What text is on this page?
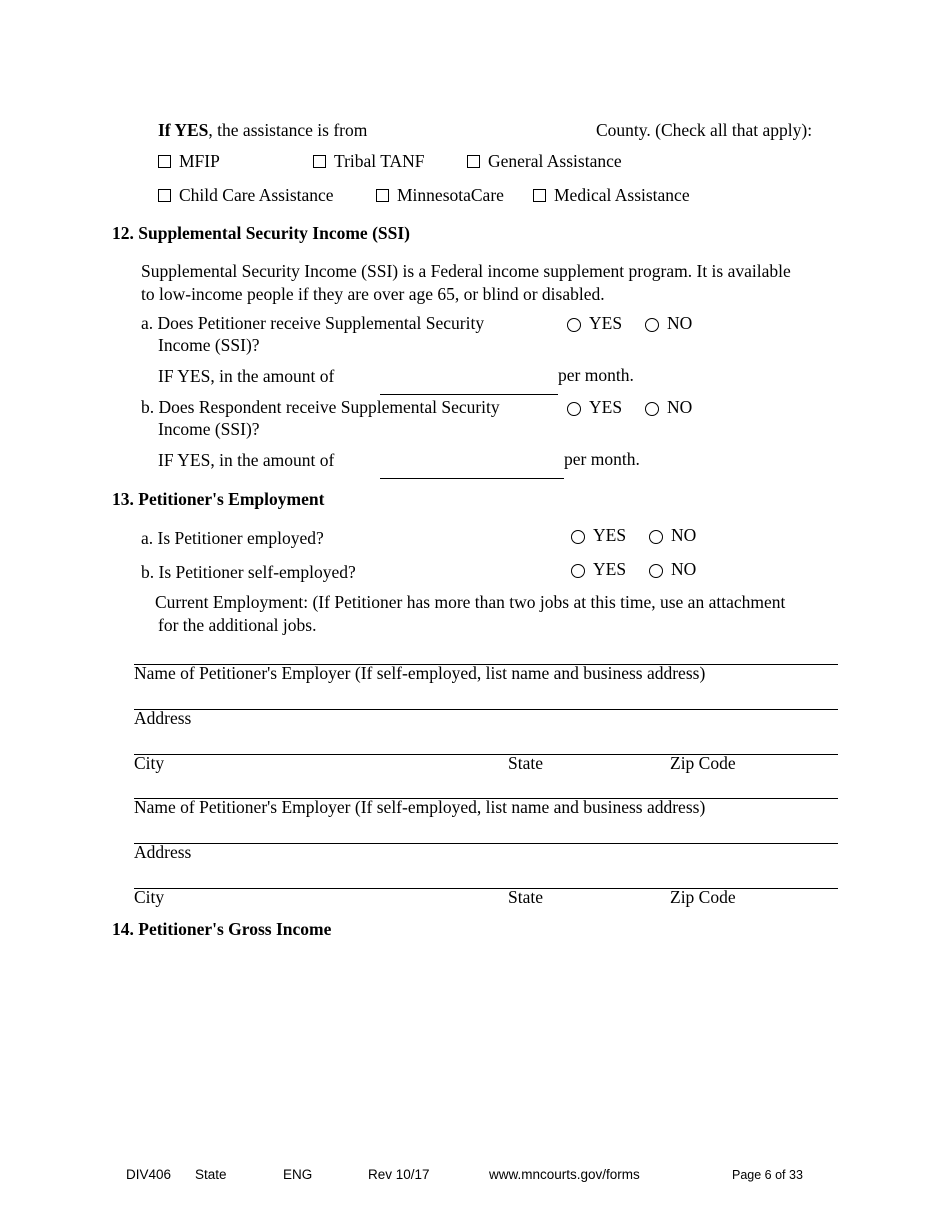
If YES, the assistance is from	County. (Check all that apply):
MFIP	Tribal TANF	General Assistance
Child Care Assistance	MinnesotaCare	Medical Assistance
12. Supplemental Security Income (SSI)
Supplemental Security Income (SSI) is a Federal income supplement program. It is available
to low-income people if they are over age 65, or blind or disabled.
a. Does Petitioner receive Supplemental Security
Income (SSI)?
YES	NO
IF YES, in the amount of	per month.
b. Does Respondent receive Supplemental Security
Income (SSI)?
YES	NO
IF YES, in the amount of	per month.
13. Petitioner's Employment
a. Is Petitioner employed?	YES	NO
b. Is Petitioner self-employed?	YES	NO
Current Employment: (If Petitioner has more than two jobs at this time, use an attachment
for the additional jobs.
Name of Petitioner's Employer (If self-employed, list name and business address)
Address
City	State	Zip Code
Name of Petitioner's Employer (If self-employed, list name and business address)
Address
City	State	Zip Code
14. Petitioner's Gross Income
DIV406 State	ENG	Rev 10/17	www.mncourts.gov/forms	Page 6 of 33
